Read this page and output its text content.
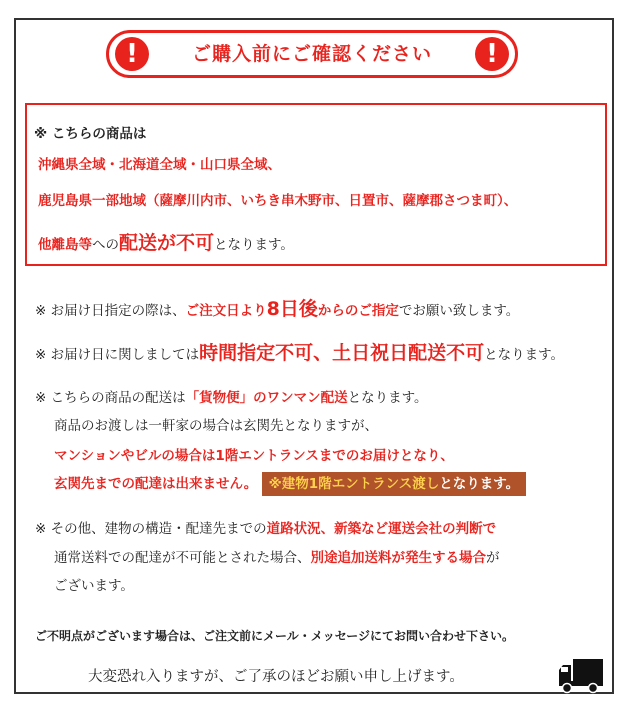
!	ご購入前にご確認ください	!
※ こちらの商品は
沖縄県全域・北海道全域・山口県全域、
鹿児島県一部地域（薩摩川内市、いちき串木野市、日置市、薩摩郡さつま町）、
他離島等への配送が不可となります。
※ お届け日指定の際は、ご注文日より8日後からのご指定でお願い致します。
※ お届け日に関しましては時間指定不可、土日祝日配送不可となります。
※ こちらの商品の配送は「貨物便」のワンマン配送となります。
商品のお渡しは一軒家の場合は玄関先となりますが、
マンションやビルの場合は1階エントランスまでのお届けとなり、
玄関先までの配達は出来ません。 ※建物1階エントランス渡しとなります。
※ その他、建物の構造・配達先までの道路状況、新築など運送会社の判断で
通常送料での配達が不可能とされた場合、別途追加送料が発生する場合が
ございます。
ご不明点がございます場合は、ご注文前にメール・メッセージにてお問い合わせ下さい。
大変恐れ入りますが、ご了承のほどお願い申し上げます。
